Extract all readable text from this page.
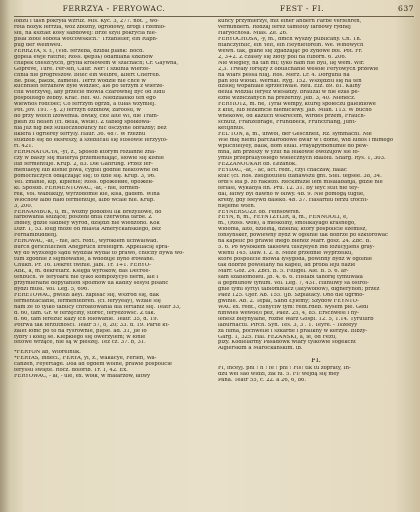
FERRZYA - FERYOWAC.	FEST - FI.	637

łobzu i taśn pokryła wzruz. Mis. Kyc. 3, 277. not. „ wo-

rota nożyk ferrzia, wóz zbożny, ogrodowy, drogi i rzemio-

słu, na kształt kosy sabdowej: Brze szyli pokrycia nie-

pisał złote sobota wotcowskich." Trzanieler, ein Raph-

pug der Weinweu.

FERRZYA, s. f., (Vid. ferzeba, dzibai plank: Bocd.

gopela ewje rattrie; Ross. ферзь) odamiana szkinów

chlipek theszcytch, gryfła królowem w szachach; Cr. Gaywna,

Gopreve, Ture. Fer-sin, Caur. Ner: i szkinia wierze-

chnia nie progreszow. Bitec ein weibre, alfert Cherreb.

Be. pisk, paezk, zametel. Terrz wodzie nie chce w

kuchnieh ferzanów byłe widziec, ale po terzym z wierze-

chii wierzyvej, aby przecie mówia czarownej być od ludu

pospolitego żebby. Krac. Ref. 40. Niedziałeko ten ego

wiewnoś rodcoeć; Co ferrzym ógrzd, a tułaś wzymiej.

Pot. Jov. 191. - §. 2) ferrzyn óźbinów, zaroosu, w

do przy woich lżowemia. bwiky, cite alte Wi, die Tram-

pieln zu hellen (cf. della, wstie). Z tableg spółkowa-

nia już nig bez suuloczhobuńcy nic ośczyłne obrazdy; bez

łikiera i ógrierey terryly. Haur. 36. 487. W rzeżnu

studzeb się do eksreszy, a szeblicau się stosowie ferzyyfo-

ri. 421.

FERMNATOCYA, -yi, ż., Sposób ktorym rożlanne zna-

czy w baszy się materya przemieniając, słowie się kisnie

lub fermentuje. Krup. 2, 83. Die Gährung. Przez fer-

mentaeyę lub kisnie piwa, cygtel godnie niektowné od

pomocniczych odłączając się; to dzie się. Krup. 3, 96.

Vel. żmanie, kip, kipienie; Ross. брожение, брожен-

ki. Sposob. FERMENTOWAC, -at, - nie, formen-

rek, Vol. wabukujy, wyrzodomie kie, kisa, gadem. Wina

Wlochów albo nało fermentuje, albo wcale nie. Krup.

3, 200.

FERNAMBUK, u, m., wóżny podobsu lik Brezyliowe, do

farbowania służące; poszedł dnia czerwona farbe. Z

Indiey, gdzie sadbiey wyrod, dziędzi nie wiedzono. Kok

Dizr. 1, 53. loug może od miasta Ameryckańskiego, bez

Fernambuddehj.

FEROWAC, -at, - nie, act. redt., wyrokiem uchwalwad.

burch gerichtlichen Anejpruch ifrefefgrn. Appellacię spra-

wy do wyższego sądu wydział wydał to prawo, choćby bywa wo-

tum zgodnie z sejmowanie, a wdoduje byno łrowane.

Chukn. Pr. 16. Dekret twinie. Jabl. Tr. 1+1. FERYO-

ABŁ, a, m. dekretarz. Księga wyrokow, das Decree-

tenbuch. W feryoaru nie tylko kompozycyo fierm, ale i

przymieralne dopytanion spólmów ua kadity sesysi pisanc

bydzi musi. Vol. Leg. 5, 696.

FERETOWAC, pwiszl aeyl. zapisać się, wszród się, dak

fermentacianie, fermentebren. (cf. feryyeay), Wzaie się

nam ze to tylko tablicy chroatowania dla fertaniz się. Teatr 33,

d. 60, tam. Gr. w ferzęciny, stórec, feryezowsc. Z tak.

d. 66, tam ferezuc kazy ich folowanie. Teatr. 35, d. 19.

Potrwa tak ferzutnosci. Teatr 57, ó, 20; 33. d. 19. Parte kt-

żalet łomc po to na rysrownie, pięse. ad. 31, Jie ło

fybry i kołuj śe. Kiepkiego się owerzylem; w łonie

fetowe wrzące, nie są w pieszej. Też cz. 37. b, 31.

*FERYON ab, Wiorelnuk.

*FERYAS, indecl., FERYA, yi, ż., wakacye, Ferien, Wa-

canzen, Feyertage. Doa ad ogdem wolne, prawie pospolicie

feryssu święte. Rocz. dolorib. Tr. 1, 42. Ex.

FERYOWAĆ, - ał, - ule, ex. wołk, w małarzów, łatwy

kuncy przymierzył, mit einer andern Farbe verfehren,

vermindern. Rodzaj ferez tamtouy farbowy rydnej

Haryochosa. Mias. Zé. 26.

FERYOCHOSA, -y, m., dmch wyszły publicany. Cn. Th.

ntanczyfnlić, ein Yeit, ein Heynietorein. We. Winowych

wewn. tak, głane się zgadzając po żydowe ból. Pot. Fr.

2, 3+2. Z czasey się złoty poli na fuborn. 6. 206.

Nie wiegiey, na tań mi; tyko nam nie byli, ilę wem. Wir.

2,3. Trwały fortęzy z obulicnanie wesołe Feryowych przewie

na wiars pessa nfaj. Ros. Merz. Lr. 4. Dorgunil na

pan iotł wiotki. Wernat. Ryg. 152. Wszędziu się na ten

dzisiej wopaniale sprzeciwale. Reu. Eiz. 89. 81. Kalny

deiua widzial feryez wiesadzy. Brauzai w nie ezas pe-

ezne wzbiczanych na prezeriny. Jeb. 3, 40. Nienecz.

FERYIOTZ, m. ne, Tyrał wempy, kturej społeczu galeidiowe

z kfut, lub fezkimcie niemłciewy. Jab. Mian. 113. W bucho

wnekowe, od kazuch wskrecem, wirdes przem, Frauch-

schutz, Franzebrage, Frundbeck, Frunctrlang, Junt-

kettjhnus.

FEL'TON, a, m., unwoi, der Geschneit, Rz. symmachi. Nie

Wie mię niemi parczałrodowe dwar w i dome, wid ludos i mimego

wpilchtelyey, balik, dom siuai. Prayapymonumie do pew-

mna, am przeszy w yżuf na felkowie owożujow sie fo-

ymus przepraliyosiego wielecznych idaloiu. Sharg. Rys. 1, 303.

FEZZANOUKAR ob. Łezanok.

FEYDAC, -at, - ac, act. redt., czyl chaczaw, fialać

ktuc (cf. Ros. zielgiotuteu ttanawszu gnt. Stel. tegsee. 38, 34.

ordi's lea p. zo rakiezó. Reckimizie iem misaiabanja, gdzie nie

ferlasi, wykahya fin. Pru. 12. 31. By teyć stilt nie tey-

dal, łatwy byl dawno w oliwy. 4b. 9. Nie pomogą tugue,

kredy, gdy feeywd daleko. 4b. 37. Hasarniu ferzu trocht-

niejeme wteń.

FEYNERSUZE ob. Feinsowrsn.

FEYN, n, m., FEYNTZYLIR, a, m., FENNOOLT, e,

m., (Ross. Фон), a meskolny, smolikayago krasnego,

widoma, alto, dzielną, dzielna; który pospolicie szemisz,

fonsyńsker, powiewny bydź w ogolnie tak dobrze po szktorowac

na kapelić pó prawie inego bienoz Marr. gosz. 24. Zbc. B.

5. 6. Po wysokiem taksowu tuszyeyeh ind fozucyjlens gray-

wienu 145. Daw. ł. 2. 8. Może przednie Wyprzelku,

które pospolicie mowia łysygoda, powinny bydź w ogólnie

tak dobrze powielany na kapeli, ad proba leju fiazie

Marr. Goz. 24. Zbcl. B. 5. Fluigel. Ale. B. 5. 6. ar-

sam szablomoieu. Jb. 4. 6. 6. Hisiabi tahorię tymuwała

a gepmunow tynum. Vol. Leg. 7, 431. Hiinuiwy sa ostroi-

gnie tymi syrtyl tablombiacz (latywobow), digneryhon; przez

Paez 125. Ojer. Ab. 155. (Jb. Szpiatacy. Ono dle ugrmo-

gwlnie. Ab. 2. Tepal, Sand Łylemy; Szydów FEYNTO-

WAC ex. redt., cisnyciw tym: redt.rdeb. wysem pie. Gedl

ninwies wewoe/i pez, Paez. 25, 4, 85. Erschwesi i ny-

ienesz bieynyalne, rozne Warz Gospi. 12. 5, 1.14. Tyruuirb

laburnactu. Pirch. Syn. Tes. 3, 3 . 1. Teyre. - Tszeeyy

za fuma, pochwelle i szkarde i pralikny w kerzyk. Bibzy-

Garg. 1, 325. Hal. FEZANSKI, a, ie, od Fezu,

pizy. Kodlelarmy Pasadowk wiary tylkowie sogekcht

Algierskim a Marockańskim. ib.

FI.

FI, inceyj. phi ! fi ! fe ! phi ! Fis! tik tu zopraty, In-

dzu wei sao widzi, zał fu. 5. Fi! wejdą się mey

Pana. Teatr 55, c. 22. a 26, 6, 86.
